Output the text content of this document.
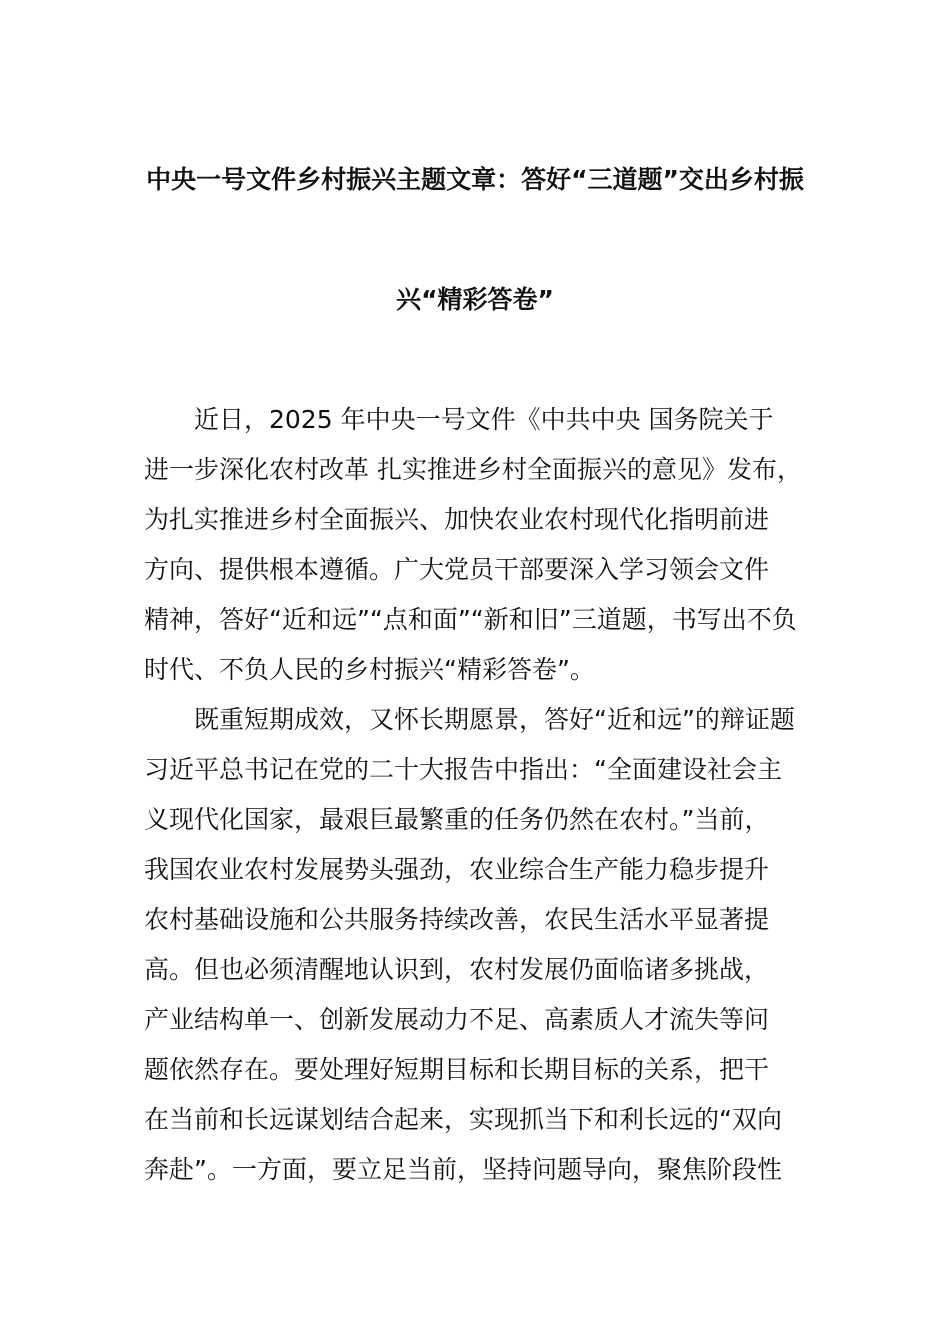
中央一号文件乡村振兴主题文章：答好“三道题”交出乡村振
兴“精彩答卷”
　　近日，2025 年中央一号文件《中共中央 国务院关于
进一步深化农村改革 扎实推进乡村全面振兴的意见》发布，
为扎实推进乡村全面振兴、加快农业农村现代化指明前进
方向、提供根本遵循。广大党员干部要深入学习领会文件
精神，答好“近和远”“点和面”“新和旧”三道题，书写出不负
时代、不负人民的乡村振兴“精彩答卷”。
　　既重短期成效，又怀长期愿景，答好“近和远”的辩证题
习近平总书记在党的二十大报告中指出：“全面建设社会主
义现代化国家，最艰巨最繁重的任务仍然在农村。”当前，
我国农业农村发展势头强劲，农业综合生产能力稳步提升
农村基础设施和公共服务持续改善，农民生活水平显著提
高。但也必须清醒地认识到，农村发展仍面临诸多挑战，
产业结构单一、创新发展动力不足、高素质人才流失等问
题依然存在。要处理好短期目标和长期目标的关系，把干
在当前和长远谋划结合起来，实现抓当下和利长远的“双向
奔赴”。一方面，要立足当前，坚持问题导向，聚焦阶段性
